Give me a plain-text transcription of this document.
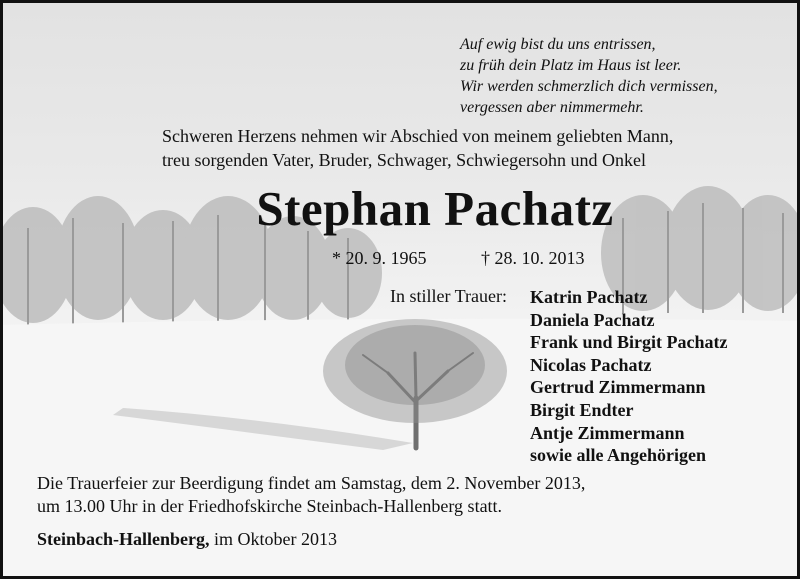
Auf ewig bist du uns entrissen,
zu früh dein Platz im Haus ist leer.
Wir werden schmerzlich dich vermissen,
vergessen aber nimmermehr.
Schweren Herzens nehmen wir Abschied von meinem geliebten Mann,
treu sorgenden Vater, Bruder, Schwager, Schwiegersohn und Onkel
Stephan Pachatz
* 20. 9. 1965	† 28. 10. 2013
In stiller Trauer: Katrin Pachatz
Daniela Pachatz
Frank und Birgit Pachatz
Nicolas Pachatz
Gertrud Zimmermann
Birgit Endter
Antje Zimmermann
sowie alle Angehörigen
Die Trauerfeier zur Beerdigung findet am Samstag, dem 2. November 2013,
um 13.00 Uhr in der Friedhofskirche Steinbach-Hallenberg statt.
Steinbach-Hallenberg, im Oktober 2013
